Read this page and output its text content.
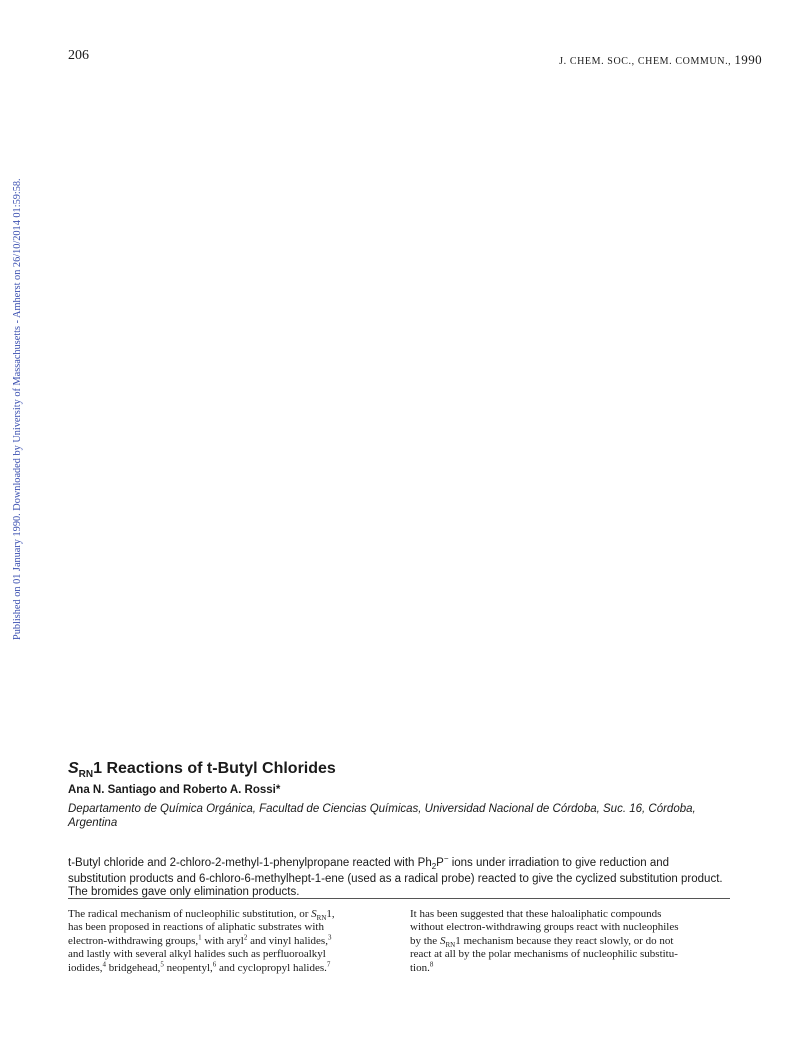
206	J. CHEM. SOC., CHEM. COMMUN., 1990
Published on 01 January 1990. Downloaded by University of Massachusetts - Amherst on 26/10/2014 01:59:58.
$S_{RN}1$ Reactions of t-Butyl Chlorides
Ana N. Santiago and Roberto A. Rossi*
Departamento de Química Orgánica, Facultad de Ciencias Químicas, Universidad Nacional de Córdoba, Suc. 16, Córdoba, Argentina

t-Butyl chloride and 2-chloro-2-methyl-1-phenylpropane reacted with $Ph_2P^-$ ions under irradiation to give reduction and substitution products and 6-chloro-6-methylhept-1-ene (used as a radical probe) reacted to give the cyclized substitution product. The bromides gave only elimination products.

The radical mechanism of nucleophilic substitution, or $S_{RN}1$,
has been proposed in reactions of aliphatic substrates with
electron-withdrawing groups,$^1$ with aryl$^2$ and vinyl halides,$^3$
and lastly with several alkyl halides such as perfluoroalkyl
iodides,$^4$ bridgehead,$^5$ neopentyl,$^6$ and cyclopropyl halides.$^7$

It has been suggested that these haloaliphatic compounds
without electron-withdrawing groups react with nucleophiles
by the $S_{RN}1$ mechanism because they react slowly, or do not
react at all by the polar mechanisms of nucleophilic substitu-
tion.$^8$
